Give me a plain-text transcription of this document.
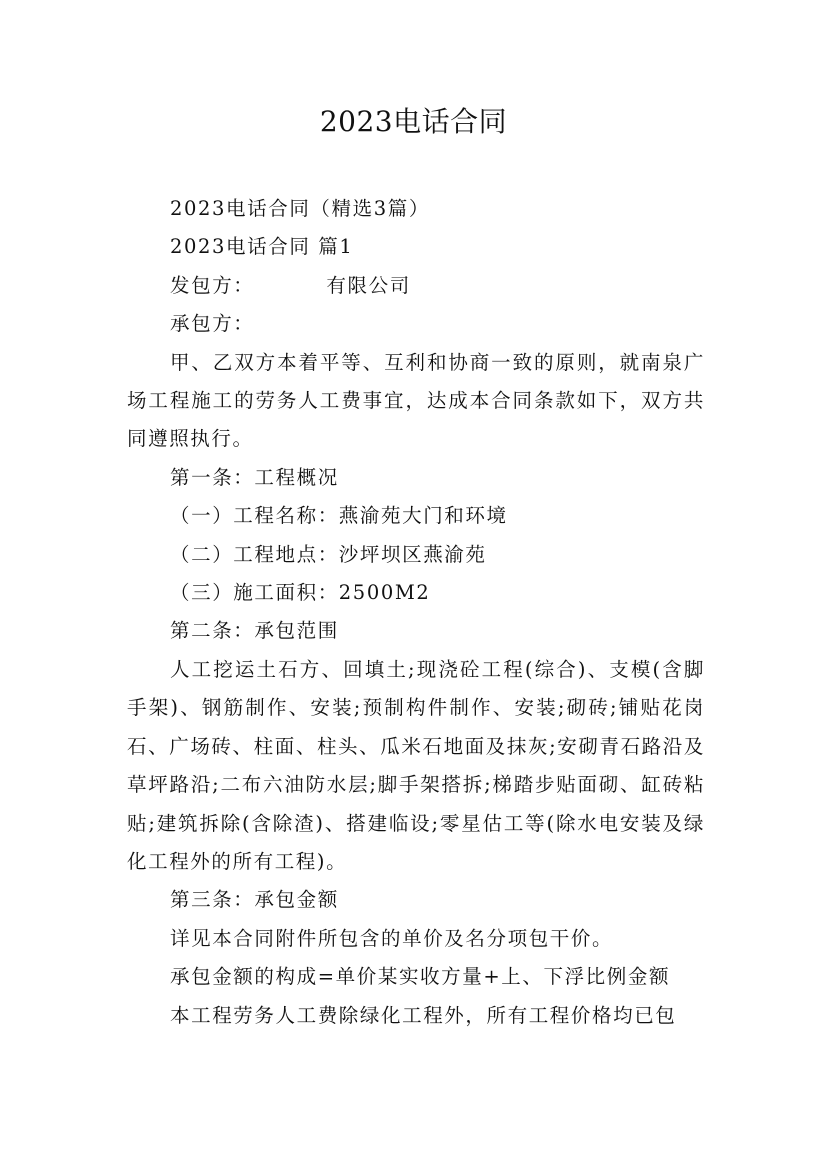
2023电话合同

2023电话合同（精选3篇）

2023电话合同 篇1

发包方：	有限公司

承包方：

甲、乙双方本着平等、互利和协商一致的原则，就南泉广场工程施工的劳务人工费事宜，达成本合同条款如下，双方共同遵照执行。

第一条：工程概况

（一）工程名称：燕渝苑大门和环境

（二）工程地点：沙坪坝区燕渝苑

（三）施工面积：2500M2

第二条：承包范围

人工挖运土石方、回填土;现浇砼工程(综合)、支模(含脚手架)、钢筋制作、安装;预制构件制作、安装;砌砖;铺贴花岗石、广场砖、柱面、柱头、瓜米石地面及抹灰;安砌青石路沿及草坪路沿;二布六油防水层;脚手架搭拆;梯踏步贴面砌、缸砖粘贴;建筑拆除(含除渣)、搭建临设;零星估工等(除水电安装及绿化工程外的所有工程)。

第三条：承包金额

详见本合同附件所包含的单价及名分项包干价。

承包金额的构成=单价某实收方量+上、下浮比例金额

本工程劳务人工费除绿化工程外，所有工程价格均已包
